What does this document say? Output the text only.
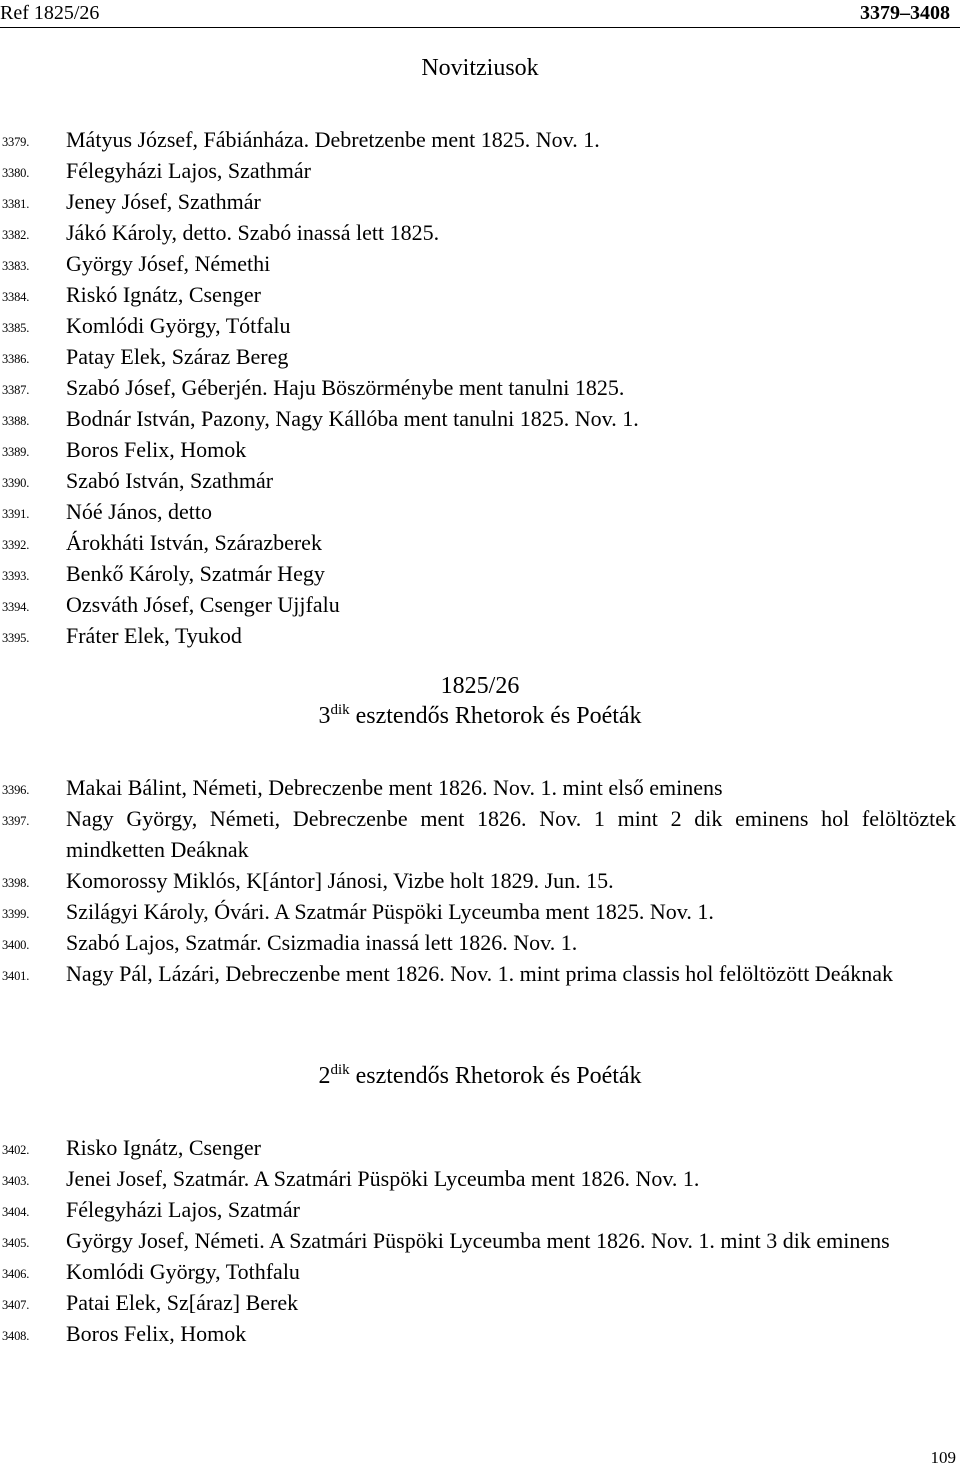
Ref 1825/26	3379–3408
Novitziusok
3379. Mátyus József, Fábiánháza. Debretzenbe ment 1825. Nov. 1.
3380. Félegyházi Lajos, Szathmár
3381. Jeney Jósef, Szathmár
3382. Jákó Károly, detto. Szabó inassá lett 1825.
3383. György Jósef, Némethi
3384. Riskó Ignátz, Csenger
3385. Komlódi György, Tótfalu
3386. Patay Elek, Száraz Bereg
3387. Szabó Jósef, Géberjén. Haju Böszörménybe ment tanulni 1825.
3388. Bodnár István, Pazony, Nagy Kállóba ment tanulni 1825. Nov. 1.
3389. Boros Felix, Homok
3390. Szabó István, Szathmár
3391. Nóé János, detto
3392. Árokháti István, Szárazberek
3393. Benkő Károly, Szatmár Hegy
3394. Ozsváth Jósef, Csenger Ujjfalu
3395. Fráter Elek, Tyukod
1825/26
$3^{dik}$ esztendős Rhetorok és Poéták
3396. Makai Bálint, Németi, Debreczenbe ment 1826. Nov. 1. mint első eminens
3397. Nagy György, Németi, Debreczenbe ment 1826. Nov. 1 mint 2 dik eminens hol felöltöztek mindketten Deáknak
3398. Komorossy Miklós, K[ántor] Jánosi, Vizbe holt 1829. Jun. 15.
3399. Szilágyi Károly, Óvári. A Szatmár Püspöki Lyceumba ment 1825. Nov. 1.
3400. Szabó Lajos, Szatmár. Csizmadia inassá lett 1826. Nov. 1.
3401. Nagy Pál, Lázári, Debreczenbe ment 1826. Nov. 1. mint prima classis hol felöltözött Deáknak
$2^{dik}$ esztendős Rhetorok és Poéták
3402. Risko Ignátz, Csenger
3403. Jenei Josef, Szatmár. A Szatmári Püspöki Lyceumba ment 1826. Nov. 1.
3404. Félegyházi Lajos, Szatmár
3405. György Josef, Németi. A Szatmári Püspöki Lyceumba ment 1826. Nov. 1. mint 3 dik eminens
3406. Komlódi György, Tothfalu
3407. Patai Elek, Sz[áraz] Berek
3408. Boros Felix, Homok
109
